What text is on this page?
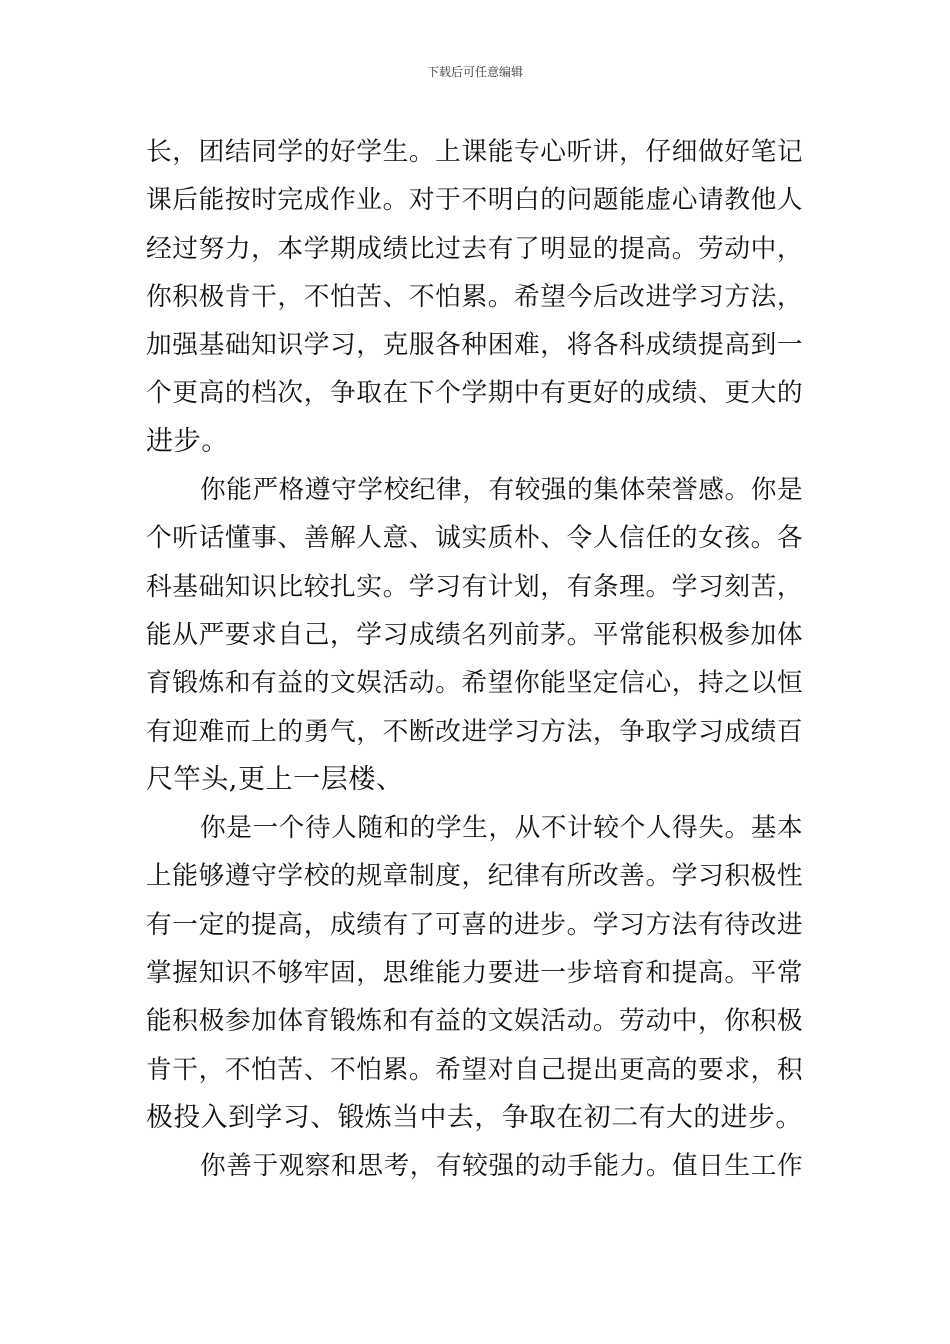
下载后可任意编辑
长，团结同学的好学生。上课能专心听讲，仔细做好笔记
课后能按时完成作业。对于不明白的问题能虚心请教他人
经过努力，本学期成绩比过去有了明显的提高。劳动中，
你积极肯干，不怕苦、不怕累。希望今后改进学习方法，
加强基础知识学习，克服各种困难，将各科成绩提高到一
个更高的档次，争取在下个学期中有更好的成绩、更大的
进步。
你能严格遵守学校纪律，有较强的集体荣誉感。你是
个听话懂事、善解人意、诚实质朴、令人信任的女孩。各
科基础知识比较扎实。学习有计划，有条理。学习刻苦，
能从严要求自己，学习成绩名列前茅。平常能积极参加体
育锻炼和有益的文娱活动。希望你能坚定信心，持之以恒
有迎难而上的勇气，不断改进学习方法，争取学习成绩百
尺竿头,更上一层楼、
你是一个待人随和的学生，从不计较个人得失。基本
上能够遵守学校的规章制度，纪律有所改善。学习积极性
有一定的提高，成绩有了可喜的进步。学习方法有待改进
掌握知识不够牢固，思维能力要进一步培育和提高。平常
能积极参加体育锻炼和有益的文娱活动。劳动中，你积极
肯干，不怕苦、不怕累。希望对自己提出更高的要求，积
极投入到学习、锻炼当中去，争取在初二有大的进步。
你善于观察和思考，有较强的动手能力。值日生工作
